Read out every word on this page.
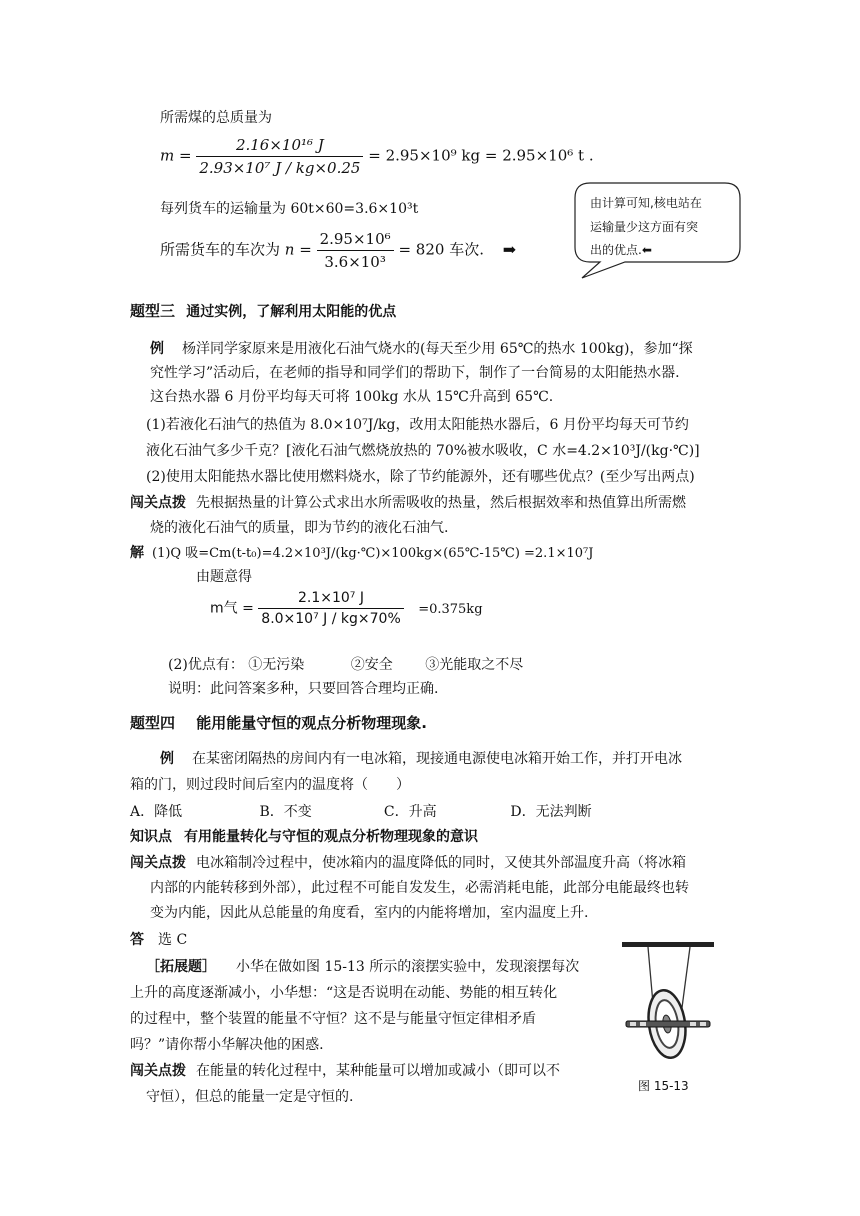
所需煤的总质量为
$m = \frac{\text{2.16×10¹⁶ J}}{\text{2.93×10⁷ J / kg×0.25}} = 2.95\times 10^9$ kg = 2.95×10⁶ t .
每列货车的运输量为 60t×60=3.6×10³t
所需货车的车次为 $n = \frac{\text{2.95×10⁶}}{\text{3.6×10³}} = 820$ 车次. ➡
由计算可知,核电站在
运输量少这方面有突
出的优点.⬅
题型三 通过实例，了解利用太阳能的优点
例 杨洋同学家原来是用液化石油气烧水的(每天至少用 65℃的热水 100kg)，参加“探
究性学习”活动后，在老师的指导和同学们的帮助下，制作了一台简易的太阳能热水器.
这台热水器 6 月份平均每天可将 100kg 水从 15℃升高到 65℃.
(1)若液化石油气的热值为 8.0×10⁷J/kg，改用太阳能热水器后，6 月份平均每天可节约
液化石油气多少千克？[液化石油气燃烧放热的 70%被水吸收，C 水=4.2×10³J/(kg·℃)]
(2)使用太阳能热水器比使用燃料烧水，除了节约能源外，还有哪些优点？(至少写出两点)
闯关点拨 先根据热量的计算公式求出水所需吸收的热量，然后根据效率和热值算出所需燃
烧的液化石油气的质量，即为节约的液化石油气.
解 (1)Q 吸=Cm(t-t₀)=4.2×10³J/(kg·℃)×100kg×(65℃-15℃) =2.1×10⁷J
由题意得
m气 = $\frac{\text{2.1×10⁷ J}}{\text{8.0×10⁷ J / kg×70\%}} =0.375kg$
(2)优点有： ①无污染	②安全 ③光能取之不尽
说明：此问答案多种，只要回答合理均正确.
题型四 能用能量守恒的观点分析物理现象.
例 在某密闭隔热的房间内有一电冰箱，现接通电源使电冰箱开始工作，并打开电冰
箱的门，则过段时间后室内的温度将（　　）
A．降低	B．不变	C．升高	D．无法判断
知识点 有用能量转化与守恒的观点分析物理现象的意识
闯关点拨 电冰箱制冷过程中，使冰箱内的温度降低的同时，又使其外部温度升高（将冰箱
内部的内能转移到外部），此过程不可能自发发生，必需消耗电能，此部分电能最终也转
变为内能，因此从总能量的角度看，室内的内能将增加，室内温度上升.
答 选 C
［拓展题］ 小华在做如图 15-13 所示的滚摆实验中，发现滚摆每次
上升的高度逐渐减小，小华想：“这是否说明在动能、势能的相互转化
的过程中，整个装置的能量不守恒？这不是与能量守恒定律相矛盾
吗？”请你帮小华解决他的困惑.
闯关点拨 在能量的转化过程中，某种能量可以增加或减小（即可以不
守恒），但总的能量一定是守恒的.
图 15-13
